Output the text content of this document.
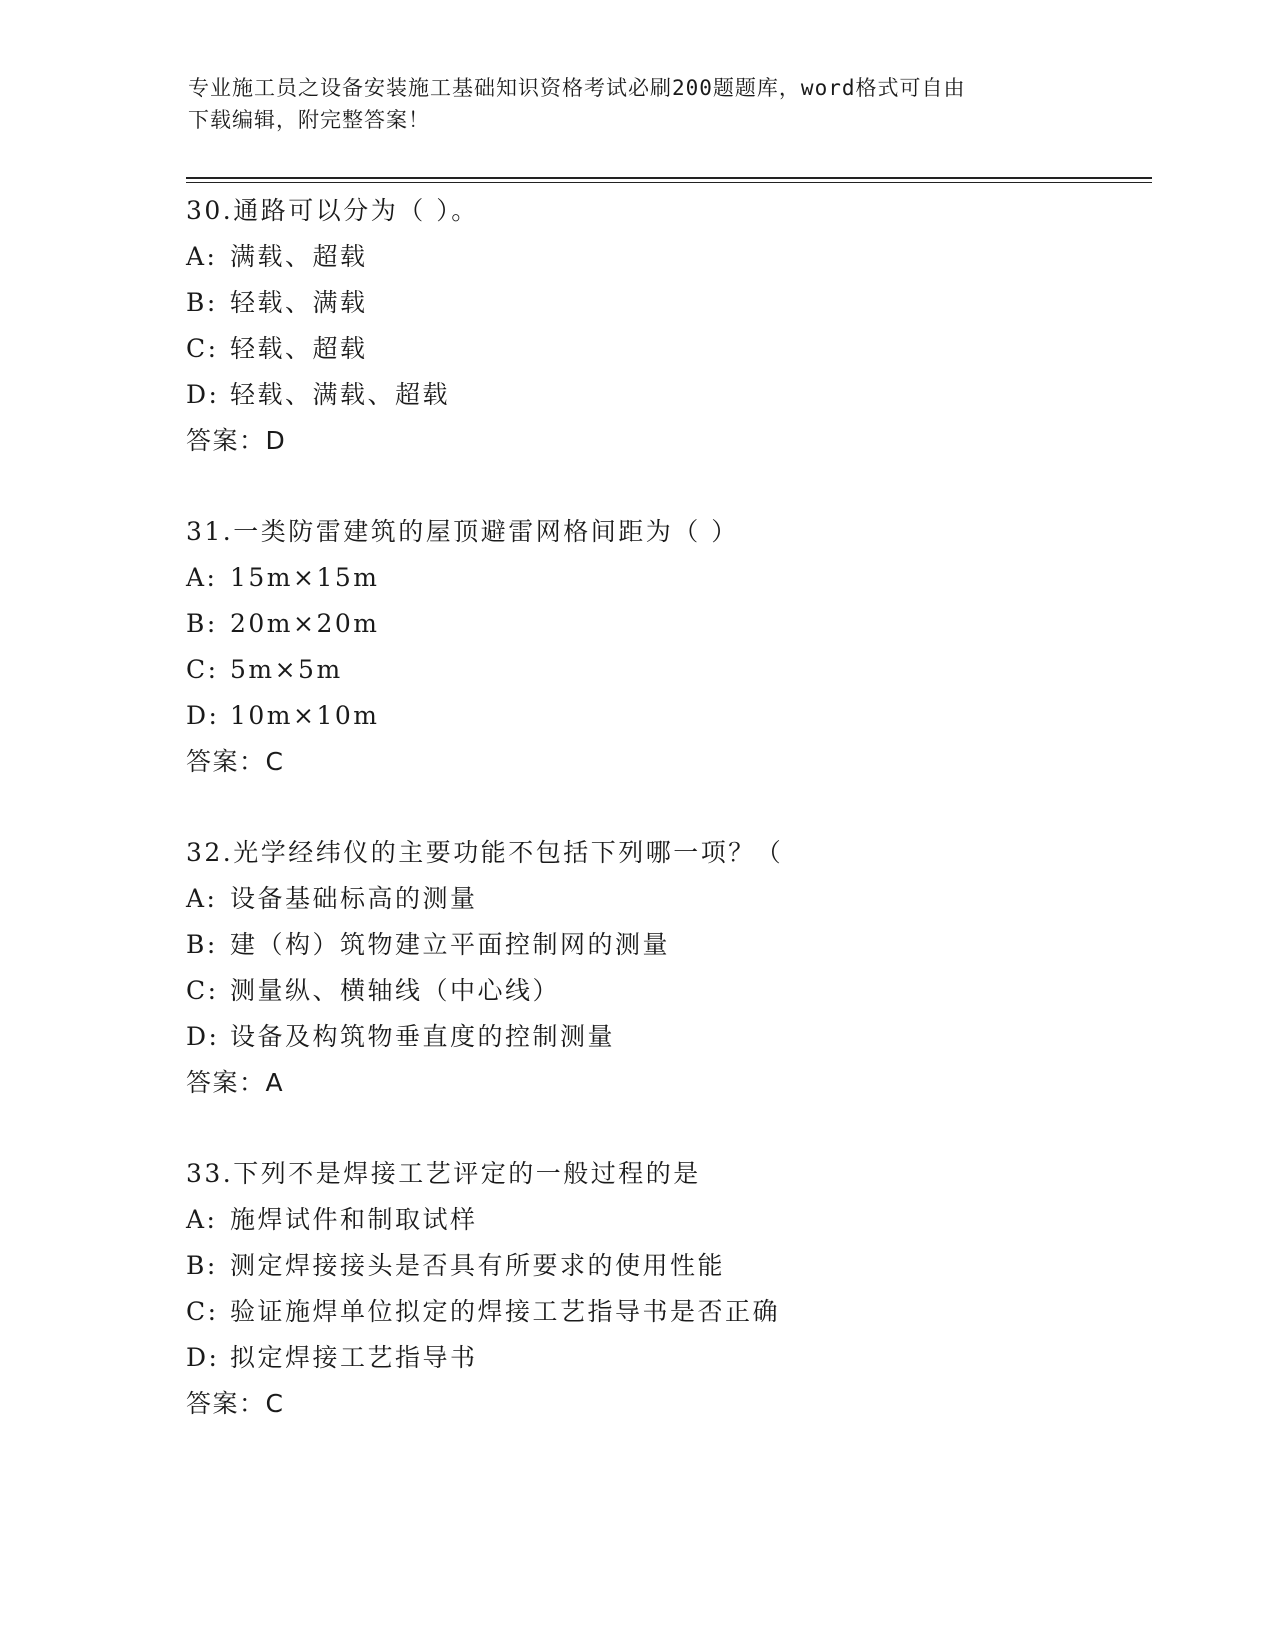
专业施工员之设备安装施工基础知识资格考试必刷200题题库，word格式可自由
下载编辑，附完整答案！
30.通路可以分为（ ）。
A: 满载、超载
B: 轻载、满载
C: 轻载、超载
D: 轻载、满载、超载
答案：D
31.一类防雷建筑的屋顶避雷网格间距为（ ）
A: 15m×15m
B: 20m×20m
C: 5m×5m
D: 10m×10m
答案：C
32.光学经纬仪的主要功能不包括下列哪一项？（
A: 设备基础标高的测量
B: 建（构）筑物建立平面控制网的测量
C: 测量纵、横轴线（中心线）
D: 设备及构筑物垂直度的控制测量
答案：A
33.下列不是焊接工艺评定的一般过程的是
A: 施焊试件和制取试样
B: 测定焊接接头是否具有所要求的使用性能
C: 验证施焊单位拟定的焊接工艺指导书是否正确
D: 拟定焊接工艺指导书
答案：C
